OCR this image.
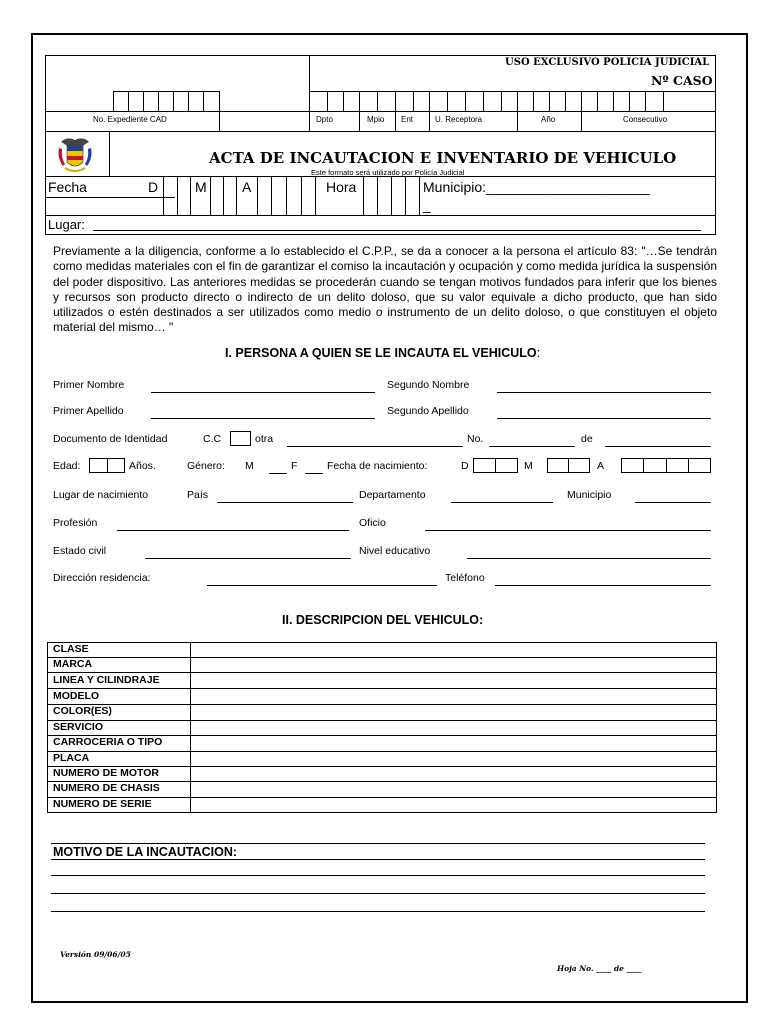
No. Expediente CAD
USO EXCLUSIVO POLICIA JUDICIAL
Nº CASO
Dpto	Mpio Ent	U. Receptora	Año	Consecutivo
ACTA DE INCAUTACION E INVENTARIO DE VEHICULO
Este formato será utilizado por Policía Judicial
Fecha	D	M	A	Hora	Municipio:_____________________
_
Lugar:
Previamente a la diligencia, conforme a lo establecido el C.P.P., se da a conocer a la persona el artículo 83: "…Se tendrán como medidas materiales con el fin de garantizar el comiso la incautación y ocupación y como medida jurídica la suspensión del poder dispositivo. Las anteriores medidas se procederán cuando se tengan motivos fundados para inferir que los bienes y recursos son producto directo o indirecto de un delito doloso, que su valor equivale a dicho producto, que han sido utilizados o estén destinados a ser utilizados como medio o instrumento de un delito doloso, o que constituyen el objeto material del mismo… "
I. PERSONA A QUIEN SE LE INCAUTA EL VEHICULO:
Primer Nombre	Segundo Nombre
Primer Apellido	Segundo Apellido
Documento de Identidad	C.C	otra	No.	de
Edad:	Años.	Género: M	F	Fecha de nacimiento:	D	M	A
Lugar de nacimiento	País	Departamento	Municipio
Profesión	Oficio
Estado civil	Nivel educativo
Dirección residencia:	Teléfono
II. DESCRIPCION DEL VEHICULO:
CLASE
MARCA
LINEA Y CILINDRAJE
MODELO
COLOR(ES)
SERVICIO
CARROCERIA O TIPO
PLACA
NUMERO DE MOTOR
NUMERO DE CHASIS
NUMERO DE SERIE
MOTIVO DE LA INCAUTACION:
Versión 09/06/05
Hoja No. ____ de ____
